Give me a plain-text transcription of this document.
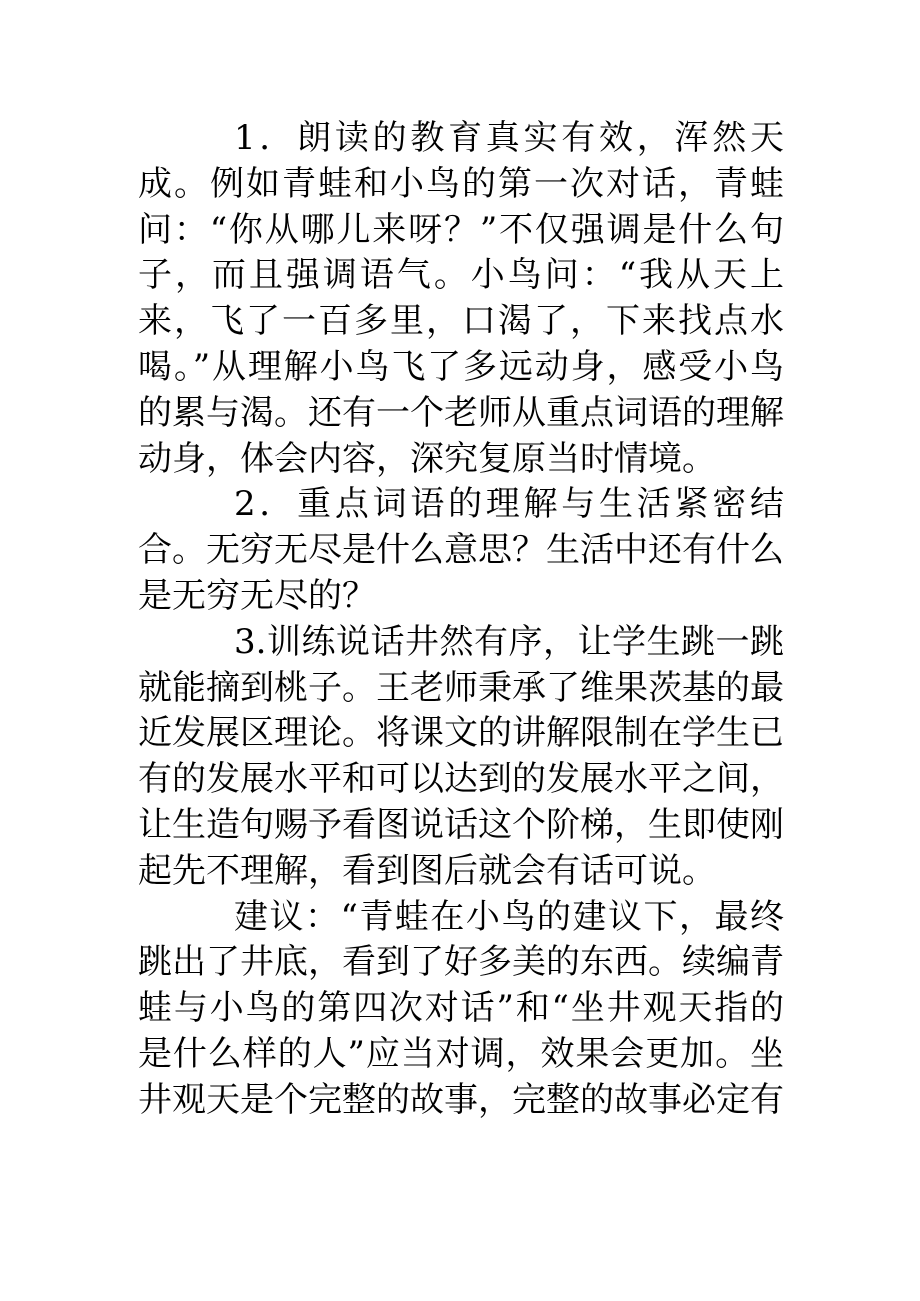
1．朗读的教育真实有效，浑然天成。例如青蛙和小鸟的第一次对话，青蛙问：“你从哪儿来呀？”不仅强调是什么句子，而且强调语气。小鸟问：“我从天上来，飞了一百多里，口渴了，下来找点水喝。”从理解小鸟飞了多远动身，感受小鸟的累与渴。还有一个老师从重点词语的理解动身，体会内容，深究复原当时情境。

2．重点词语的理解与生活紧密结合。无穷无尽是什么意思？生活中还有什么是无穷无尽的？

3.训练说话井然有序，让学生跳一跳就能摘到桃子。王老师秉承了维果茨基的最近发展区理论。将课文的讲解限制在学生已有的发展水平和可以达到的发展水平之间，让生造句赐予看图说话这个阶梯，生即使刚起先不理解，看到图后就会有话可说。

建议：“青蛙在小鸟的建议下，最终跳出了井底，看到了好多美的东西。续编青蛙与小鸟的第四次对话”和“坐井观天指的是什么样的人”应当对调，效果会更加。坐井观天是个完整的故事，完整的故事必定有
